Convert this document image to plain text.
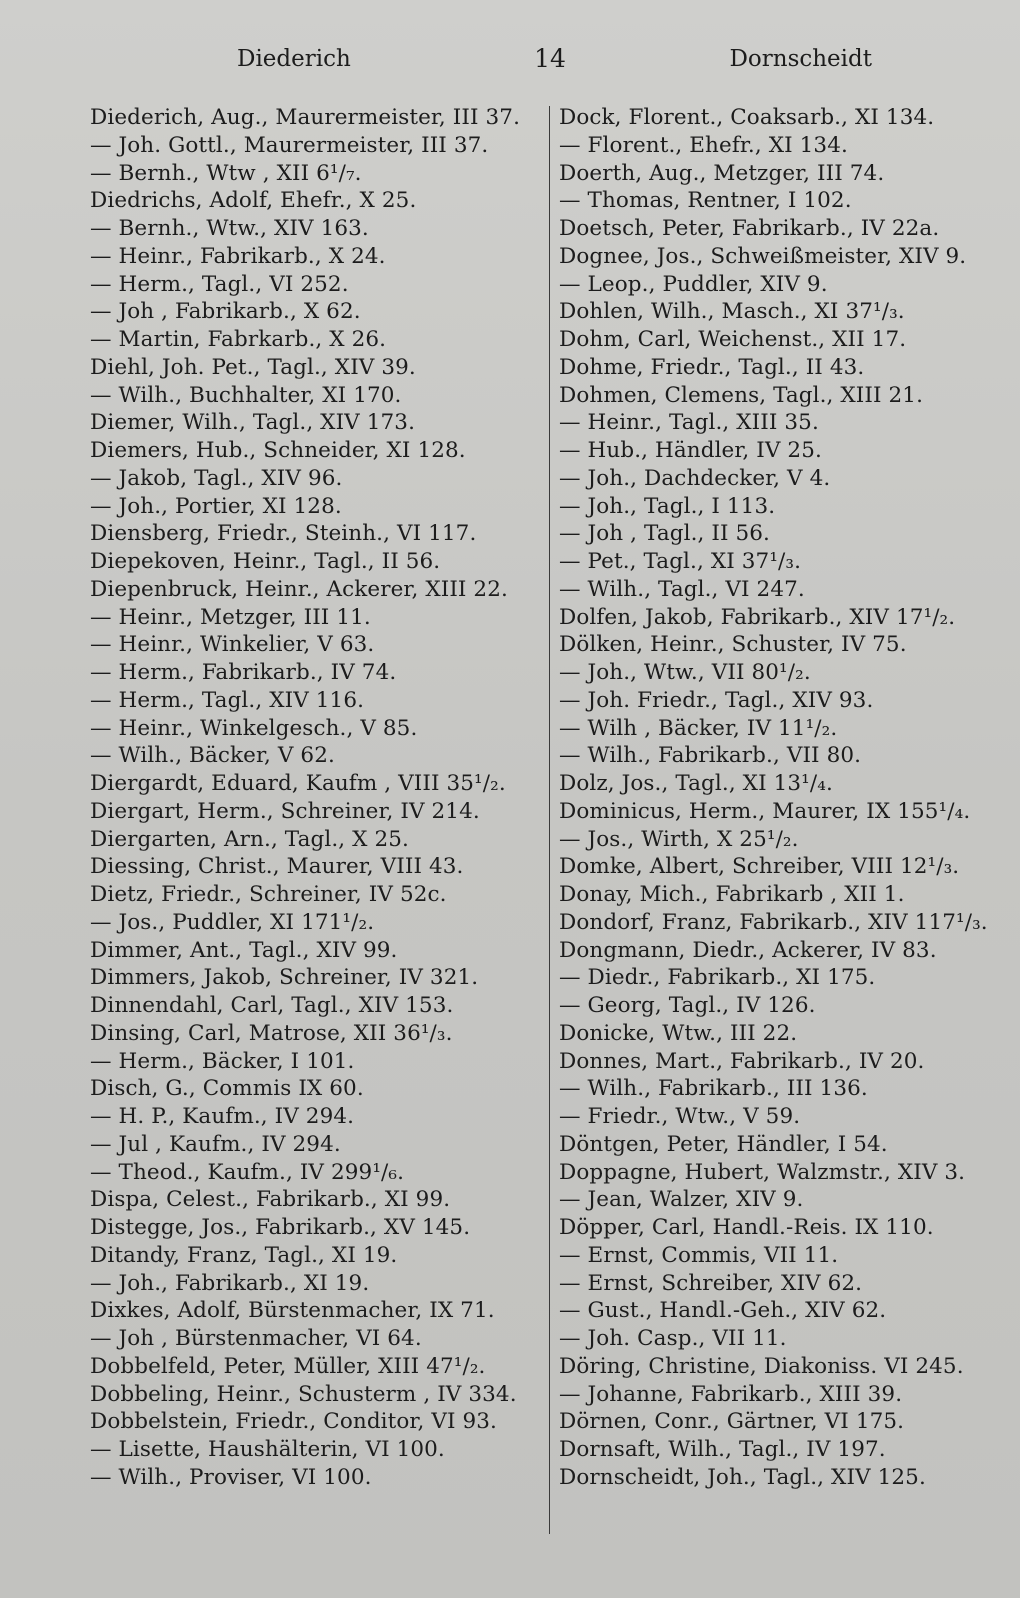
Diederich	14	Dornscheidt
Diederich, Aug., Maurermeister, III 37.
— Joh. Gottl., Maurermeister, III 37.
— Bernh., Wtw , XII 6¹/₇.
Diedrichs, Adolf, Ehefr., X 25.
— Bernh., Wtw., XIV 163.
— Heinr., Fabrikarb., X 24.
— Herm., Tagl., VI 252.
— Joh , Fabrikarb., X 62.
— Martin, Fabrkarb., X 26.
Diehl, Joh. Pet., Tagl., XIV 39.
— Wilh., Buchhalter, XI 170.
Diemer, Wilh., Tagl., XIV 173.
Diemers, Hub., Schneider, XI 128.
— Jakob, Tagl., XIV 96.
— Joh., Portier, XI 128.
Diensberg, Friedr., Steinh., VI 117.
Diepekoven, Heinr., Tagl., II 56.
Diepenbruck, Heinr., Ackerer, XIII 22.
— Heinr., Metzger, III 11.
— Heinr., Winkelier, V 63.
— Herm., Fabrikarb., IV 74.
— Herm., Tagl., XIV 116.
— Heinr., Winkelgesch., V 85.
— Wilh., Bäcker, V 62.
Diergardt, Eduard, Kaufm , VIII 35¹/₂.
Diergart, Herm., Schreiner, IV 214.
Diergarten, Arn., Tagl., X 25.
Diessing, Christ., Maurer, VIII 43.
Dietz, Friedr., Schreiner, IV 52c.
— Jos., Puddler, XI 171¹/₂.
Dimmer, Ant., Tagl., XIV 99.
Dimmers, Jakob, Schreiner, IV 321.
Dinnendahl, Carl, Tagl., XIV 153.
Dinsing, Carl, Matrose, XII 36¹/₃.
— Herm., Bäcker, I 101.
Disch, G., Commis IX 60.
— H. P., Kaufm., IV 294.
— Jul , Kaufm., IV 294.
— Theod., Kaufm., IV 299¹/₆.
Dispa, Celest., Fabrikarb., XI 99.
Distegge, Jos., Fabrikarb., XV 145.
Ditandy, Franz, Tagl., XI 19.
— Joh., Fabrikarb., XI 19.
Dixkes, Adolf, Bürstenmacher, IX 71.
— Joh , Bürstenmacher, VI 64.
Dobbelfeld, Peter, Müller, XIII 47¹/₂.
Dobbeling, Heinr., Schusterm , IV 334.
Dobbelstein, Friedr., Conditor, VI 93.
— Lisette, Haushälterin, VI 100.
— Wilh., Proviser, VI 100.
Dock, Florent., Coaksarb., XI 134.
— Florent., Ehefr., XI 134.
Doerth, Aug., Metzger, III 74.
— Thomas, Rentner, I 102.
Doetsch, Peter, Fabrikarb., IV 22a.
Dognee, Jos., Schweißmeister, XIV 9.
— Leop., Puddler, XIV 9.
Dohlen, Wilh., Masch., XI 37¹/₃.
Dohm, Carl, Weichenst., XII 17.
Dohme, Friedr., Tagl., II 43.
Dohmen, Clemens, Tagl., XIII 21.
— Heinr., Tagl., XIII 35.
— Hub., Händler, IV 25.
— Joh., Dachdecker, V 4.
— Joh., Tagl., I 113.
— Joh , Tagl., II 56.
— Pet., Tagl., XI 37¹/₃.
— Wilh., Tagl., VI 247.
Dolfen, Jakob, Fabrikarb., XIV 17¹/₂.
Dölken, Heinr., Schuster, IV 75.
— Joh., Wtw., VII 80¹/₂.
— Joh. Friedr., Tagl., XIV 93.
— Wilh , Bäcker, IV 11¹/₂.
— Wilh., Fabrikarb., VII 80.
Dolz, Jos., Tagl., XI 13¹/₄.
Dominicus, Herm., Maurer, IX 155¹/₄.
— Jos., Wirth, X 25¹/₂.
Domke, Albert, Schreiber, VIII 12¹/₃.
Donay, Mich., Fabrikarb , XII 1.
Dondorf, Franz, Fabrikarb., XIV 117¹/₃.
Dongmann, Diedr., Ackerer, IV 83.
— Diedr., Fabrikarb., XI 175.
— Georg, Tagl., IV 126.
Donicke, Wtw., III 22.
Donnes, Mart., Fabrikarb., IV 20.
— Wilh., Fabrikarb., III 136.
— Friedr., Wtw., V 59.
Döntgen, Peter, Händler, I 54.
Doppagne, Hubert, Walzmstr., XIV 3.
— Jean, Walzer, XIV 9.
Döpper, Carl, Handl.-Reis. IX 110.
— Ernst, Commis, VII 11.
— Ernst, Schreiber, XIV 62.
— Gust., Handl.-Geh., XIV 62.
— Joh. Casp., VII 11.
Döring, Christine, Diakoniss. VI 245.
— Johanne, Fabrikarb., XIII 39.
Dörnen, Conr., Gärtner, VI 175.
Dornsaft, Wilh., Tagl., IV 197.
Dornscheidt, Joh., Tagl., XIV 125.
